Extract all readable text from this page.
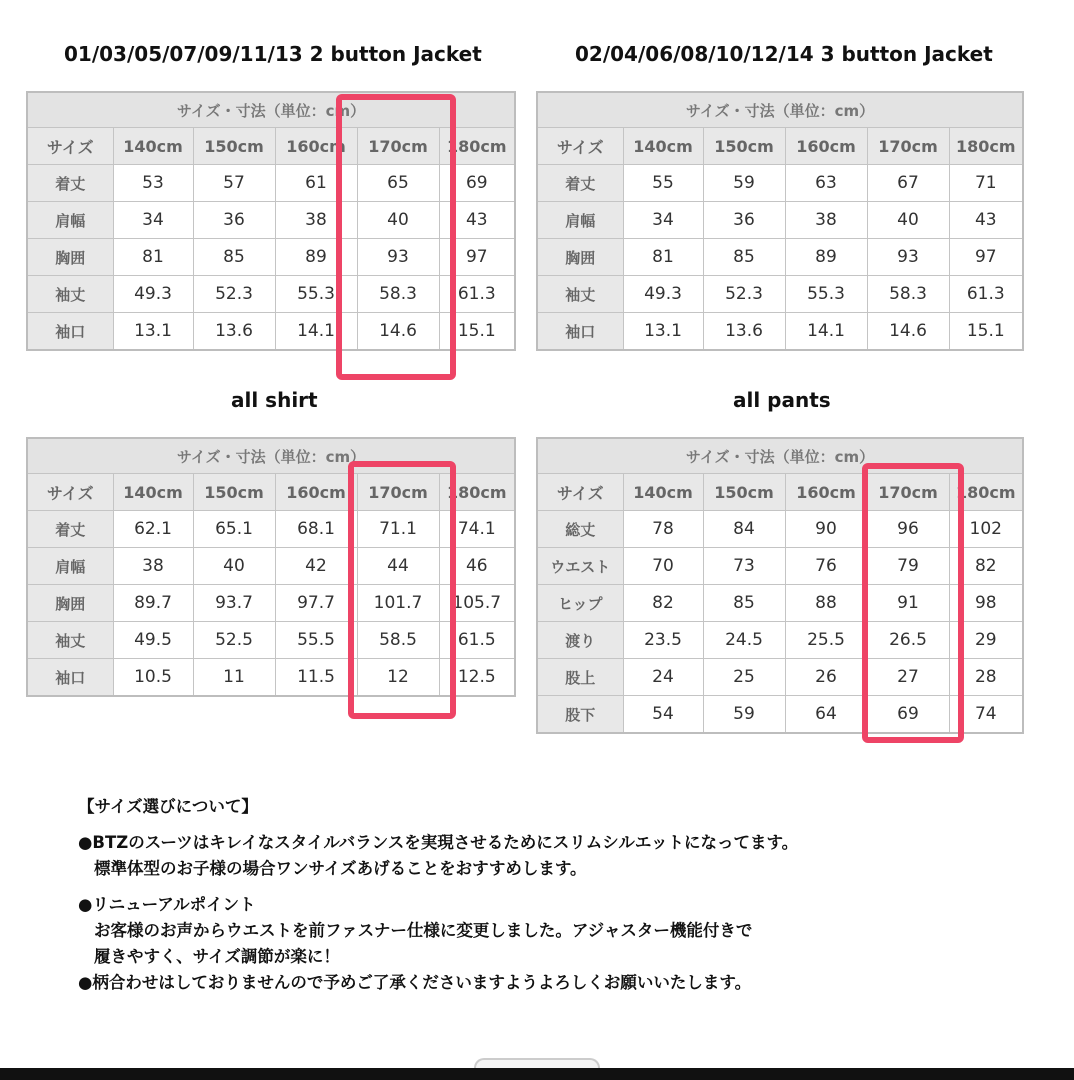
01/03/05/07/09/11/13 2 button Jacket	02/04/06/08/10/12/14 3 button Jacket
all shirt	all pants
サイズ・寸法（単位：cm）					
サイズ	140cm	150cm	160cm	170cm	180cm
着丈	53	57	61	65	69
肩幅	34	36	38	40	43
胸囲	81	85	89	93	97
袖丈	49.3	52.3	55.3	58.3	61.3
袖口	13.1	13.6	14.1	14.6	15.1
サイズ・寸法（単位：cm）					
サイズ	140cm	150cm	160cm	170cm	180cm
着丈	55	59	63	67	71
肩幅	34	36	38	40	43
胸囲	81	85	89	93	97
袖丈	49.3	52.3	55.3	58.3	61.3
袖口	13.1	13.6	14.1	14.6	15.1
サイズ・寸法（単位：cm）					
サイズ	140cm	150cm	160cm	170cm	180cm
着丈	62.1	65.1	68.1	71.1	74.1
肩幅	38	40	42	44	46
胸囲	89.7	93.7	97.7	101.7	105.7
袖丈	49.5	52.5	55.5	58.5	61.5
袖口	10.5	11	11.5	12	12.5
サイズ・寸法（単位：cm）					
サイズ	140cm	150cm	160cm	170cm	180cm
総丈	78	84	90	96	102
ウエスト	70	73	76	79	82
ヒップ	82	85	88	91	98
渡り	23.5	24.5	25.5	26.5	29
股上	24	25	26	27	28
股下	54	59	64	69	74

【サイズ選びについて】

●BTZのスーツはキレイなスタイルバランスを実現させるためにスリムシルエットになってます。

標準体型のお子様の場合ワンサイズあげることをおすすめします。

●リニューアルポイント

お客様のお声からウエストを前ファスナー仕様に変更しました。アジャスター機能付きで

履きやすく、サイズ調節が楽に！

●柄合わせはしておりませんので予めご了承くださいますようよろしくお願いいたします。
